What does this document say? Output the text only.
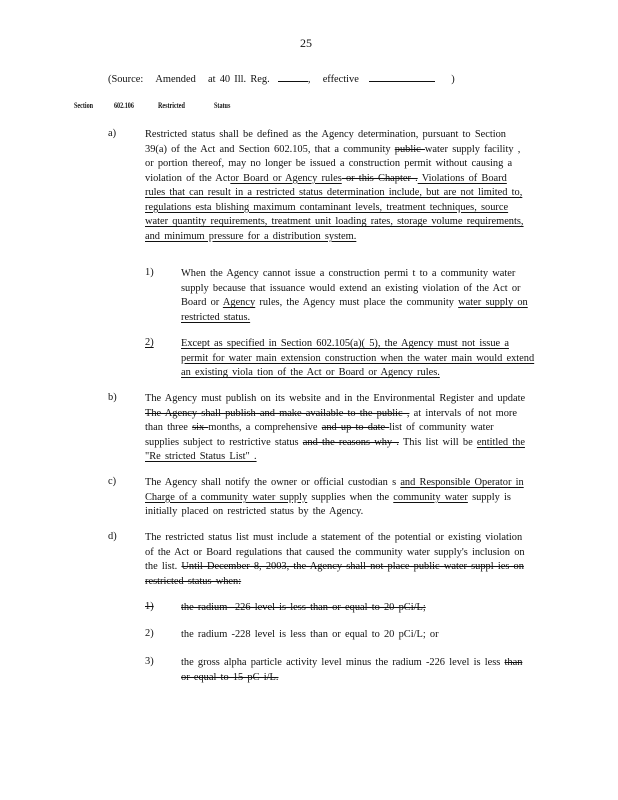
25
(Source: Amended at 40 Ill. Reg.	, effective	)
Section 602.106	Restricted	Status
a)	Restricted status shall be defined as the Agency determination, pursuant to Section 39(a) of the Act and Section 602.105, that a community public water supply facility , or portion thereof, may no longer be issued a construction permit without causing a violation of the Actor Board or Agency rules or this Chapter . Violations of Board rules that can result in a restricted status determination include, but are not limited to, regulations esta blishing maximum contaminant levels, treatment techniques, source water quantity requirements, treatment unit loading rates, storage volume requirements, and minimum pressure for a distribution system.
1)	When the Agency cannot issue a construction permi t to a community water supply because that issuance would extend an existing violation of the Act or Board or Agency rules, the Agency must place the community water supply on restricted status.
2)	Except as specified in Section 602.105(a)( 5), the Agency must not issue a permit for water main extension construction when the water main would extend an existing viola tion of the Act or Board or Agency rules.
b)	The Agency must publish on its website and in the Environmental Register and update The Agency shall publish and make available to the public , at intervals of not more than three six months, a comprehensive and up to date list of community water supplies subject to restrictive status and the reasons why . This list will be entitled the "Re stricted Status List" .
c)	The Agency shall notify the owner or official custodian s and Responsible Operator in Charge of a community water supply supplies when the community water supply is initially placed on restricted status by the Agency.
d)	The restricted status list must include a statement of the potential or existing violation of the Act or Board regulations that caused the community water supply's inclusion on the list. Until December 8, 2003, the Agency shall not place public water suppl ies on restricted status when:
1)	the radium -226 level is less than or equal to 20 pCi/L;
2)	the radium -228 level is less than or equal to 20 pCi/L; or
3)	the gross alpha particle activity level minus the radium -226 level is less than or equal to 15 pC i/L.
